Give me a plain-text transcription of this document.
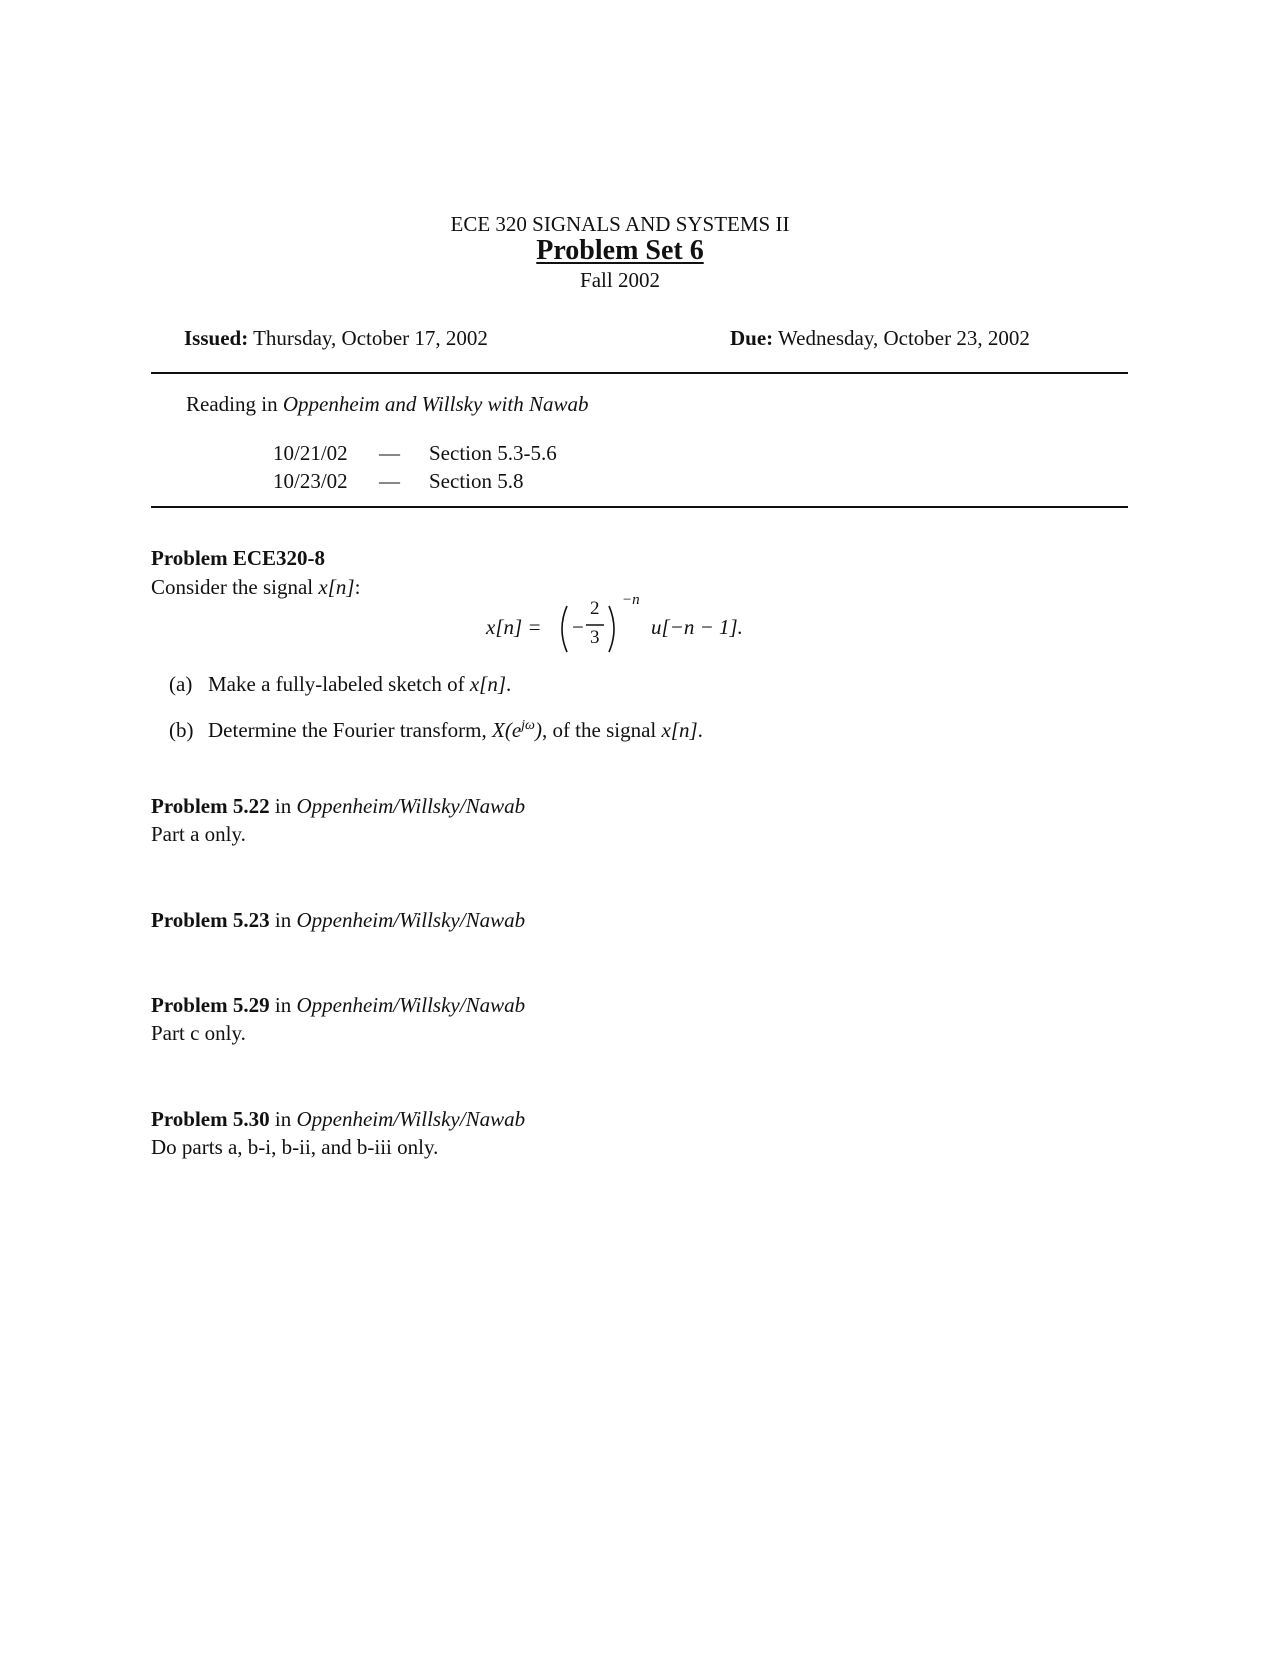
ECE 320 SIGNALS AND SYSTEMS II
Problem Set 6
Fall 2002
Issued: Thursday, October 17, 2002	Due: Wednesday, October 23, 2002
Reading in Oppenheim and Willsky with Nawab
10/21/02 — Section 5.3-5.6
10/23/02 — Section 5.8
Problem ECE320-8
Consider the signal x[n]:
x[n] = −
2
3
−n
u[−n − 1].
(a) Make a fully-labeled sketch of x[n].
(b) Determine the Fourier transform, $X(e^{j\omega})$, of the signal x[n].
Problem 5.22 in Oppenheim/Willsky/Nawab
Part a only.
Problem 5.23 in Oppenheim/Willsky/Nawab
Problem 5.29 in Oppenheim/Willsky/Nawab
Part c only.
Problem 5.30 in Oppenheim/Willsky/Nawab
Do parts a, b-i, b-ii, and b-iii only.
